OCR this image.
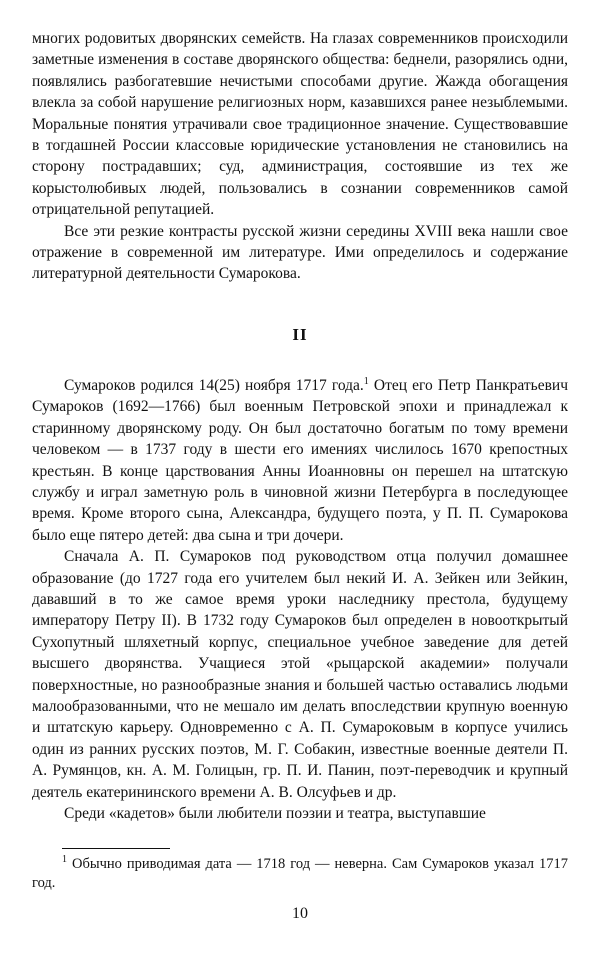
многих родовитых дворянских семейств. На глазах современников происходили заметные изменения в составе дворянского общества: беднели, разорялись одни, появлялись разбогатевшие нечистыми способами другие. Жажда обогащения влекла за собой нарушение религиозных норм, казавшихся ранее незыблемыми. Моральные понятия утрачивали свое традиционное значение. Существовавшие в тогдашней России классовые юридические установления не становились на сторону пострадавших; суд, администрация, состоявшие из тех же корыстолюбивых людей, пользовались в сознании современников самой отрицательной репутацией.

Все эти резкие контрасты русской жизни середины XVIII века нашли свое отражение в современной им литературе. Ими определилось и содержание литературной деятельности Сумарокова.

II

Сумароков родился 14(25) ноября 1717 года.$^1$ Отец его Петр Панкратьевич Сумароков (1692—1766) был военным Петровской эпохи и принадлежал к старинному дворянскому роду. Он был достаточно богатым по тому времени человеком — в 1737 году в шести его имениях числилось 1670 крепостных крестьян. В конце царствования Анны Иоанновны он перешел на штатскую службу и играл заметную роль в чиновной жизни Петербурга в последующее время. Кроме второго сына, Александра, будущего поэта, у П. П. Сумарокова было еще пятеро детей: два сына и три дочери.

Сначала А. П. Сумароков под руководством отца получил домашнее образование (до 1727 года его учителем был некий И. А. Зейкен или Зейкин, дававший в то же самое время уроки наследнику престола, будущему императору Петру II). В 1732 году Сумароков был определен в новооткрытый Сухопутный шляхетный корпус, специальное учебное заведение для детей высшего дворянства. Учащиеся этой «рыцарской академии» получали поверхностные, но разнообразные знания и большей частью оставались людьми малообразованными, что не мешало им делать впоследствии крупную военную и штатскую карьеру. Одновременно с А. П. Сумароковым в корпусе учились один из ранних русских поэтов, М. Г. Собакин, известные военные деятели П. А. Румянцов, кн. А. М. Голицын, гр. П. И. Панин, поэт-переводчик и крупный деятель екатерининского времени А. В. Олсуфьев и др.

Среди «кадетов» были любители поэзии и театра, выступавшие

$^1$ Обычно приводимая дата — 1718 год — неверна. Сам Сумароков указал 1717 год.

10
